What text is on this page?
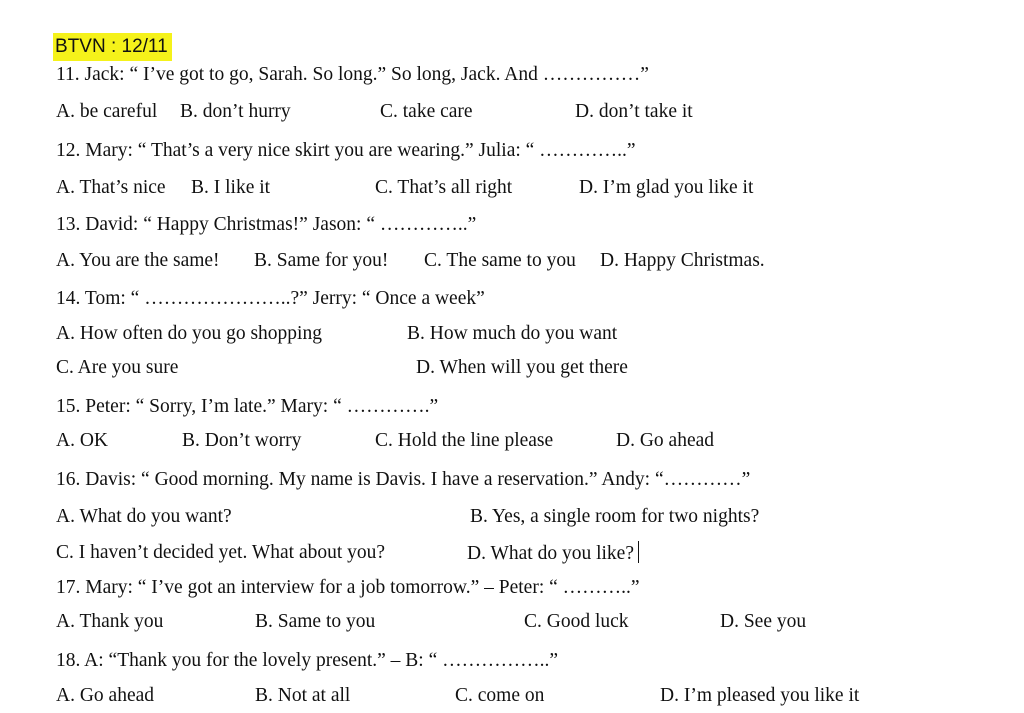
BTVN : 12/11
11. Jack: “ I’ve got to go, Sarah. So long.” So long, Jack. And ……………”
A. be careful B. don’t hurry	C. take care	D. don’t take it
12. Mary: “ That’s a very nice skirt you are wearing.” Julia: “ …………..”
A. That’s nice B. I like it	C. That’s all right	D. I’m glad you like it
13. David: “ Happy Christmas!” Jason: “ …………..”
A. You are the same! B. Same for you! C. The same to you D. Happy Christmas.
14. Tom: “ …………………..?” Jerry: “ Once a week”
A. How often do you go shopping	B. How much do you want
C. Are you sure	D. When will you get there
15. Peter: “ Sorry, I’m late.” Mary: “ ………….”
A. OK	B. Don’t worry	C. Hold the line please	D. Go ahead
16. Davis: “ Good morning. My name is Davis. I have a reservation.” Andy: “…………”
A. What do you want?	B. Yes, a single room for two nights?
C. I haven’t decided yet. What about you?	D. What do you like?
17. Mary: “ I’ve got an interview for a job tomorrow.” – Peter: “ ………..”
A. Thank you	B. Same to you	C. Good luck	D. See you
18. A: “Thank you for the lovely present.” – B: “ ……………..”
A. Go ahead	B. Not at all	C. come on	D. I’m pleased you like it
